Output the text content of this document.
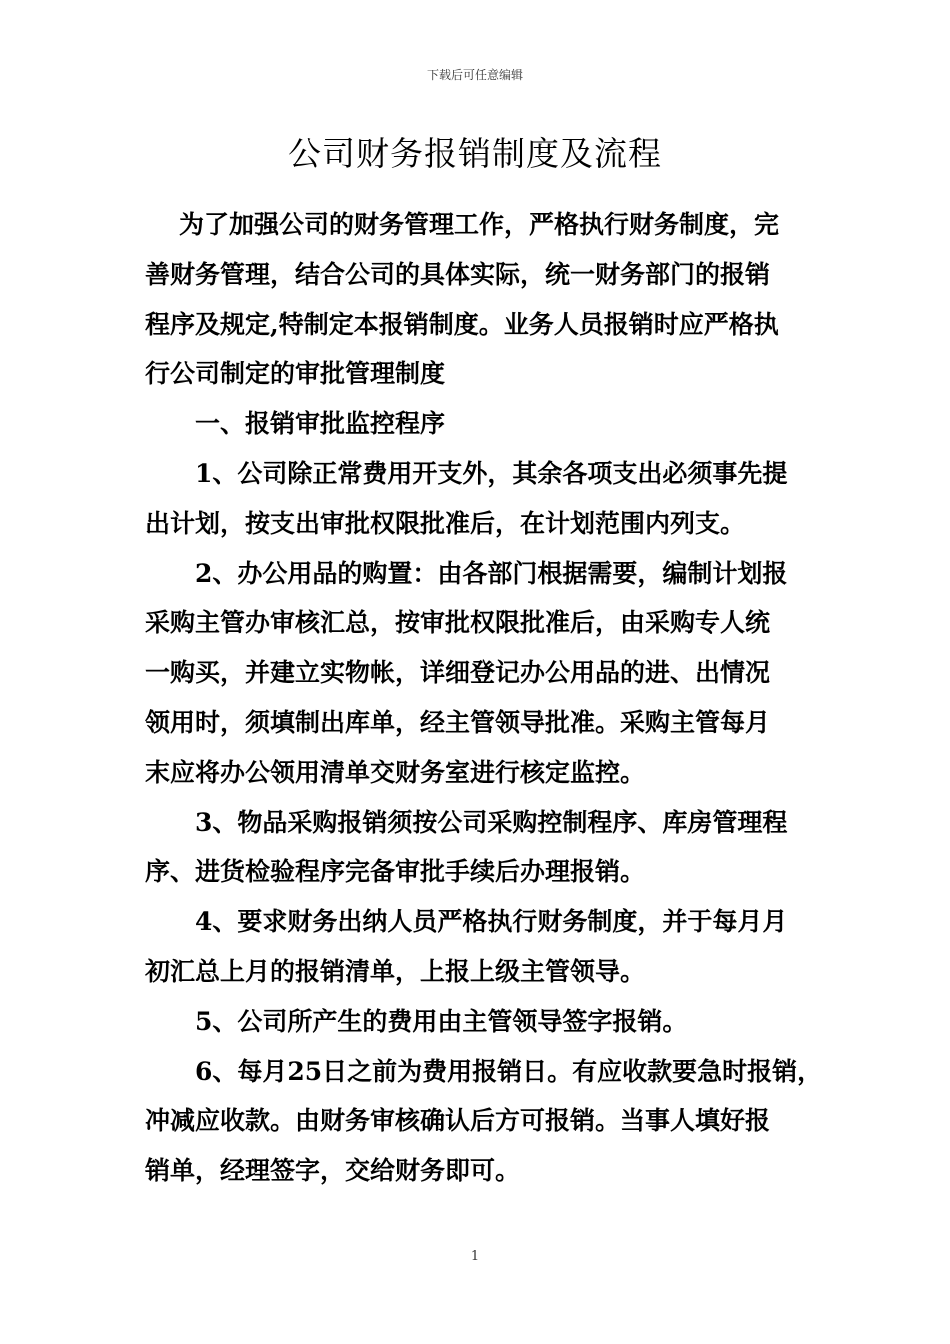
下载后可任意编辑
公司财务报销制度及流程
为了加强公司的财务管理工作，严格执行财务制度，完
善财务管理，结合公司的具体实际，统一财务部门的报销
程序及规定,特制定本报销制度。业务人员报销时应严格执
行公司制定的审批管理制度
一、报销审批监控程序
1、公司除正常费用开支外，其余各项支出必须事先提
出计划，按支出审批权限批准后，在计划范围内列支。
2、办公用品的购置：由各部门根据需要，编制计划报
采购主管办审核汇总，按审批权限批准后，由采购专人统
一购买，并建立实物帐，详细登记办公用品的进、出情况
领用时，须填制出库单，经主管领导批准。采购主管每月
末应将办公领用清单交财务室进行核定监控。
3、物品采购报销须按公司采购控制程序、库房管理程
序、进货检验程序完备审批手续后办理报销。
4、要求财务出纳人员严格执行财务制度，并于每月月
初汇总上月的报销清单，上报上级主管领导。
5、公司所产生的费用由主管领导签字报销。
6、每月25日之前为费用报销日。有应收款要急时报销，
冲减应收款。由财务审核确认后方可报销。当事人填好报
销单，经理签字，交给财务即可。
1
